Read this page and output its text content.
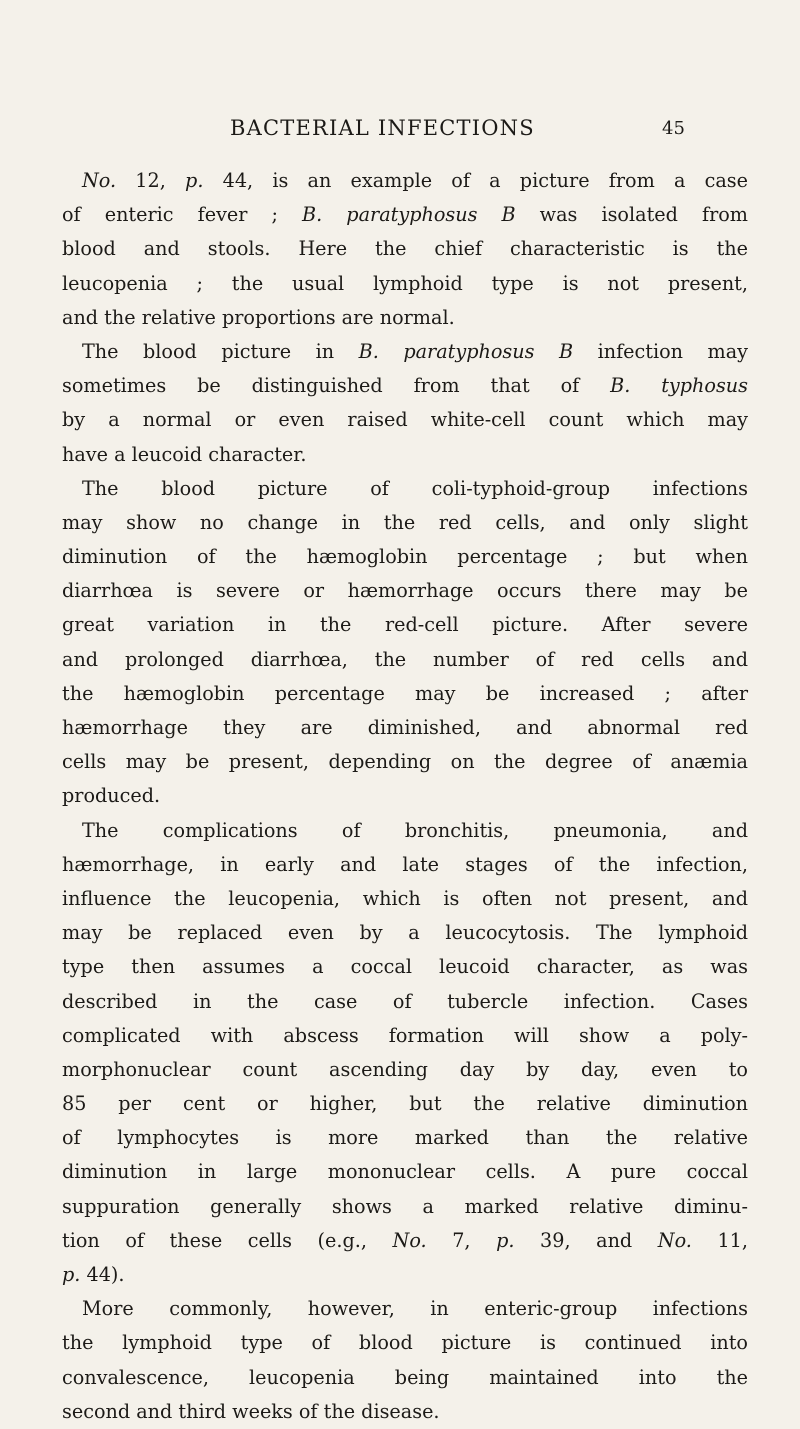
BACTERIAL INFECTIONS	45
No. 12, p. 44, is an example of a picture from a case
of enteric fever ; B. paratyphosus B was isolated from
blood and stools. Here the chief characteristic is the
leucopenia ; the usual lymphoid type is not present,
and the relative proportions are normal.
The blood picture in B. paratyphosus B infection may
sometimes be distinguished from that of B. typhosus
by a normal or even raised white-cell count which may
have a leucoid character.
The blood picture of coli-typhoid-group infections
may show no change in the red cells, and only slight
diminution of the hæmoglobin percentage ; but when
diarrhœa is severe or hæmorrhage occurs there may be
great variation in the red-cell picture. After severe
and prolonged diarrhœa, the number of red cells and
the hæmoglobin percentage may be increased ; after
hæmorrhage they are diminished, and abnormal red
cells may be present, depending on the degree of anæmia
produced.
The complications of bronchitis, pneumonia, and
hæmorrhage, in early and late stages of the infection,
influence the leucopenia, which is often not present, and
may be replaced even by a leucocytosis. The lymphoid
type then assumes a coccal leucoid character, as was
described in the case of tubercle infection. Cases
complicated with abscess formation will show a poly-
morphonuclear count ascending day by day, even to
85 per cent or higher, but the relative diminution
of lymphocytes is more marked than the relative
diminution in large mononuclear cells. A pure coccal
suppuration generally shows a marked relative diminu-
tion of these cells (e.g., No. 7, p. 39, and No. 11,
p. 44).
More commonly, however, in enteric-group infections
the lymphoid type of blood picture is continued into
convalescence, leucopenia being maintained into the
second and third weeks of the disease.
